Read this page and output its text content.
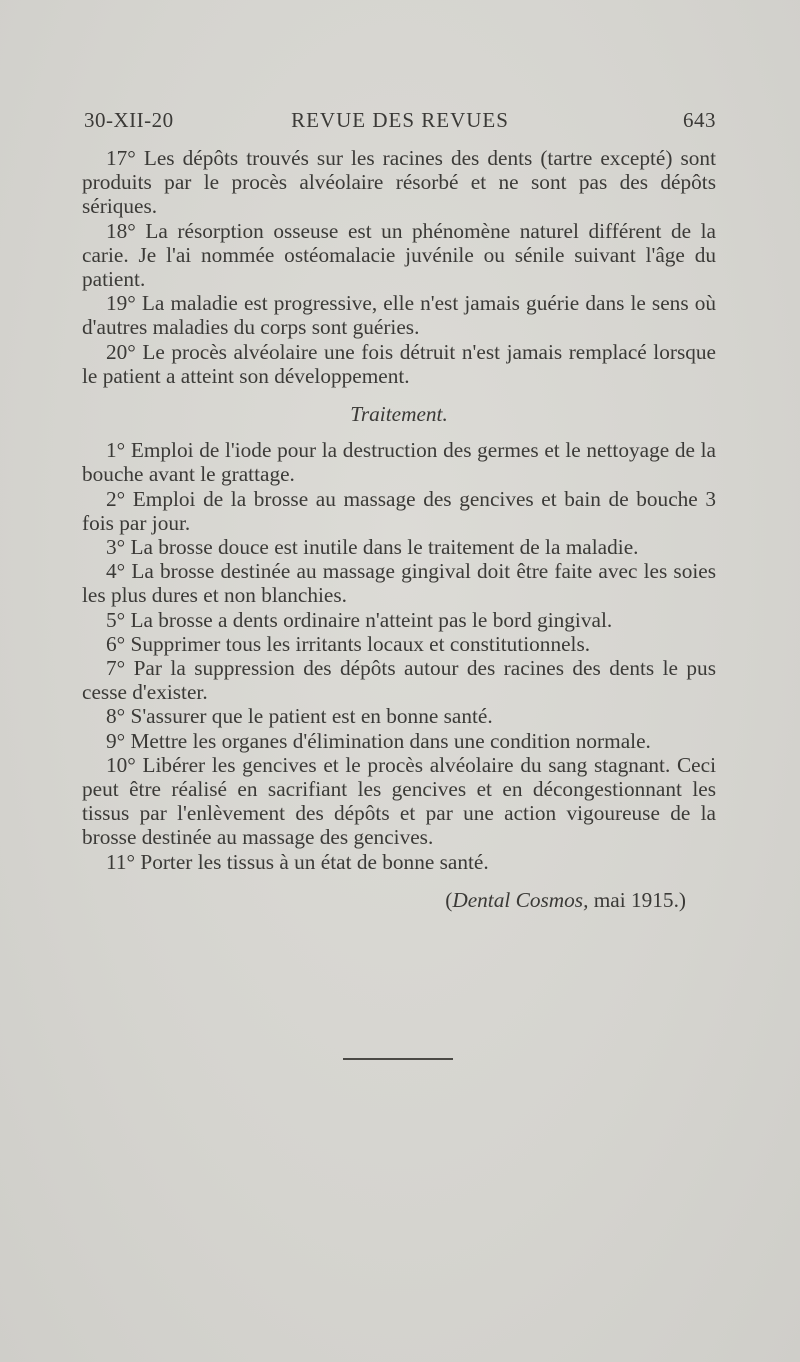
30-XII-20	REVUE DES REVUES	643

17° Les dépôts trouvés sur les racines des dents (tartre excepté) sont produits par le procès alvéolaire résorbé et ne sont pas des dépôts sériques.

18° La résorption osseuse est un phénomène naturel différent de la carie. Je l'ai nommée ostéomalacie juvénile ou sénile suivant l'âge du patient.

19° La maladie est progressive, elle n'est jamais guérie dans le sens où d'autres maladies du corps sont guéries.

20° Le procès alvéolaire une fois détruit n'est jamais remplacé lorsque le patient a atteint son développement.

Traitement.

1° Emploi de l'iode pour la destruction des germes et le nettoyage de la bouche avant le grattage.

2° Emploi de la brosse au massage des gencives et bain de bouche 3 fois par jour.

3° La brosse douce est inutile dans le traitement de la maladie.

4° La brosse destinée au massage gingival doit être faite avec les soies les plus dures et non blanchies.

5° La brosse a dents ordinaire n'atteint pas le bord gingival.

6° Supprimer tous les irritants locaux et constitutionnels.

7° Par la suppression des dépôts autour des racines des dents le pus cesse d'exister.

8° S'assurer que le patient est en bonne santé.

9° Mettre les organes d'élimination dans une condition normale.

10° Libérer les gencives et le procès alvéolaire du sang stagnant. Ceci peut être réalisé en sacrifiant les gencives et en décongestionnant les tissus par l'enlèvement des dépôts et par une action vigoureuse de la brosse destinée au massage des gencives.

11° Porter les tissus à un état de bonne santé.

(Dental Cosmos, mai 1915.)
